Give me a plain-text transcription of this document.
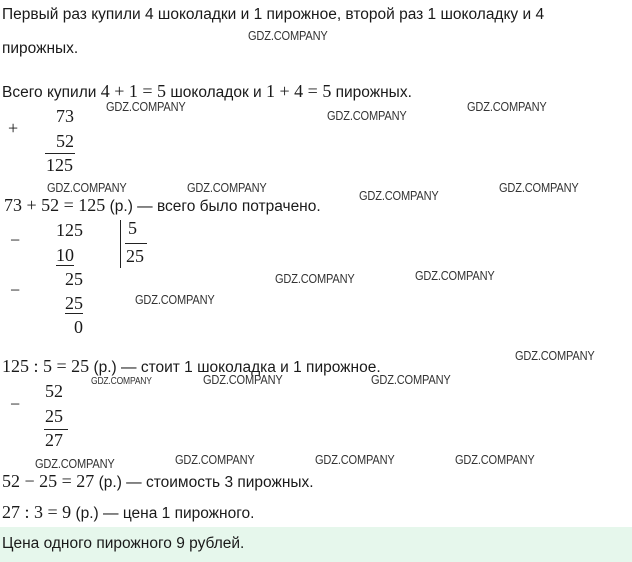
Первый раз купили 4 шоколадки и 1 пирожное, второй раз 1 шоколадку и 4
пирожных.
Всего купили 4 + 1 = 5 шоколадок и 1 + 4 = 5 пирожных.
+
73
52
125
73 + 52 = 125 (р.) — всего было потрачено.
− 125	5
25
10
−
25
25
0
125 : 5 = 25 (р.) — стоит 1 шоколадка и 1 пирожное.
−
52
25
27
52 − 25 = 27 (р.) — стоимость 3 пирожных.
27 : 3 = 9 (р.) — цена 1 пирожного.
Цена одного пирожного 9 рублей.
GDZ.COMPANY
GDZ.COMPANY
GDZ.COMPANY
GDZ.COMPANY
GDZ.COMPANY	GDZ.COMPANY
GDZ.COMPANY
GDZ.COMPANY
GDZ.COMPANY	GDZ.COMPANY
GDZ.COMPANY
GDZ.COMPANY
GDZ.COMPANY	GDZ.COMPANY	GDZ.COMPANY
GDZ.COMPANY	GDZ.COMPANY	GDZ.COMPANY	GDZ.COMPANY
